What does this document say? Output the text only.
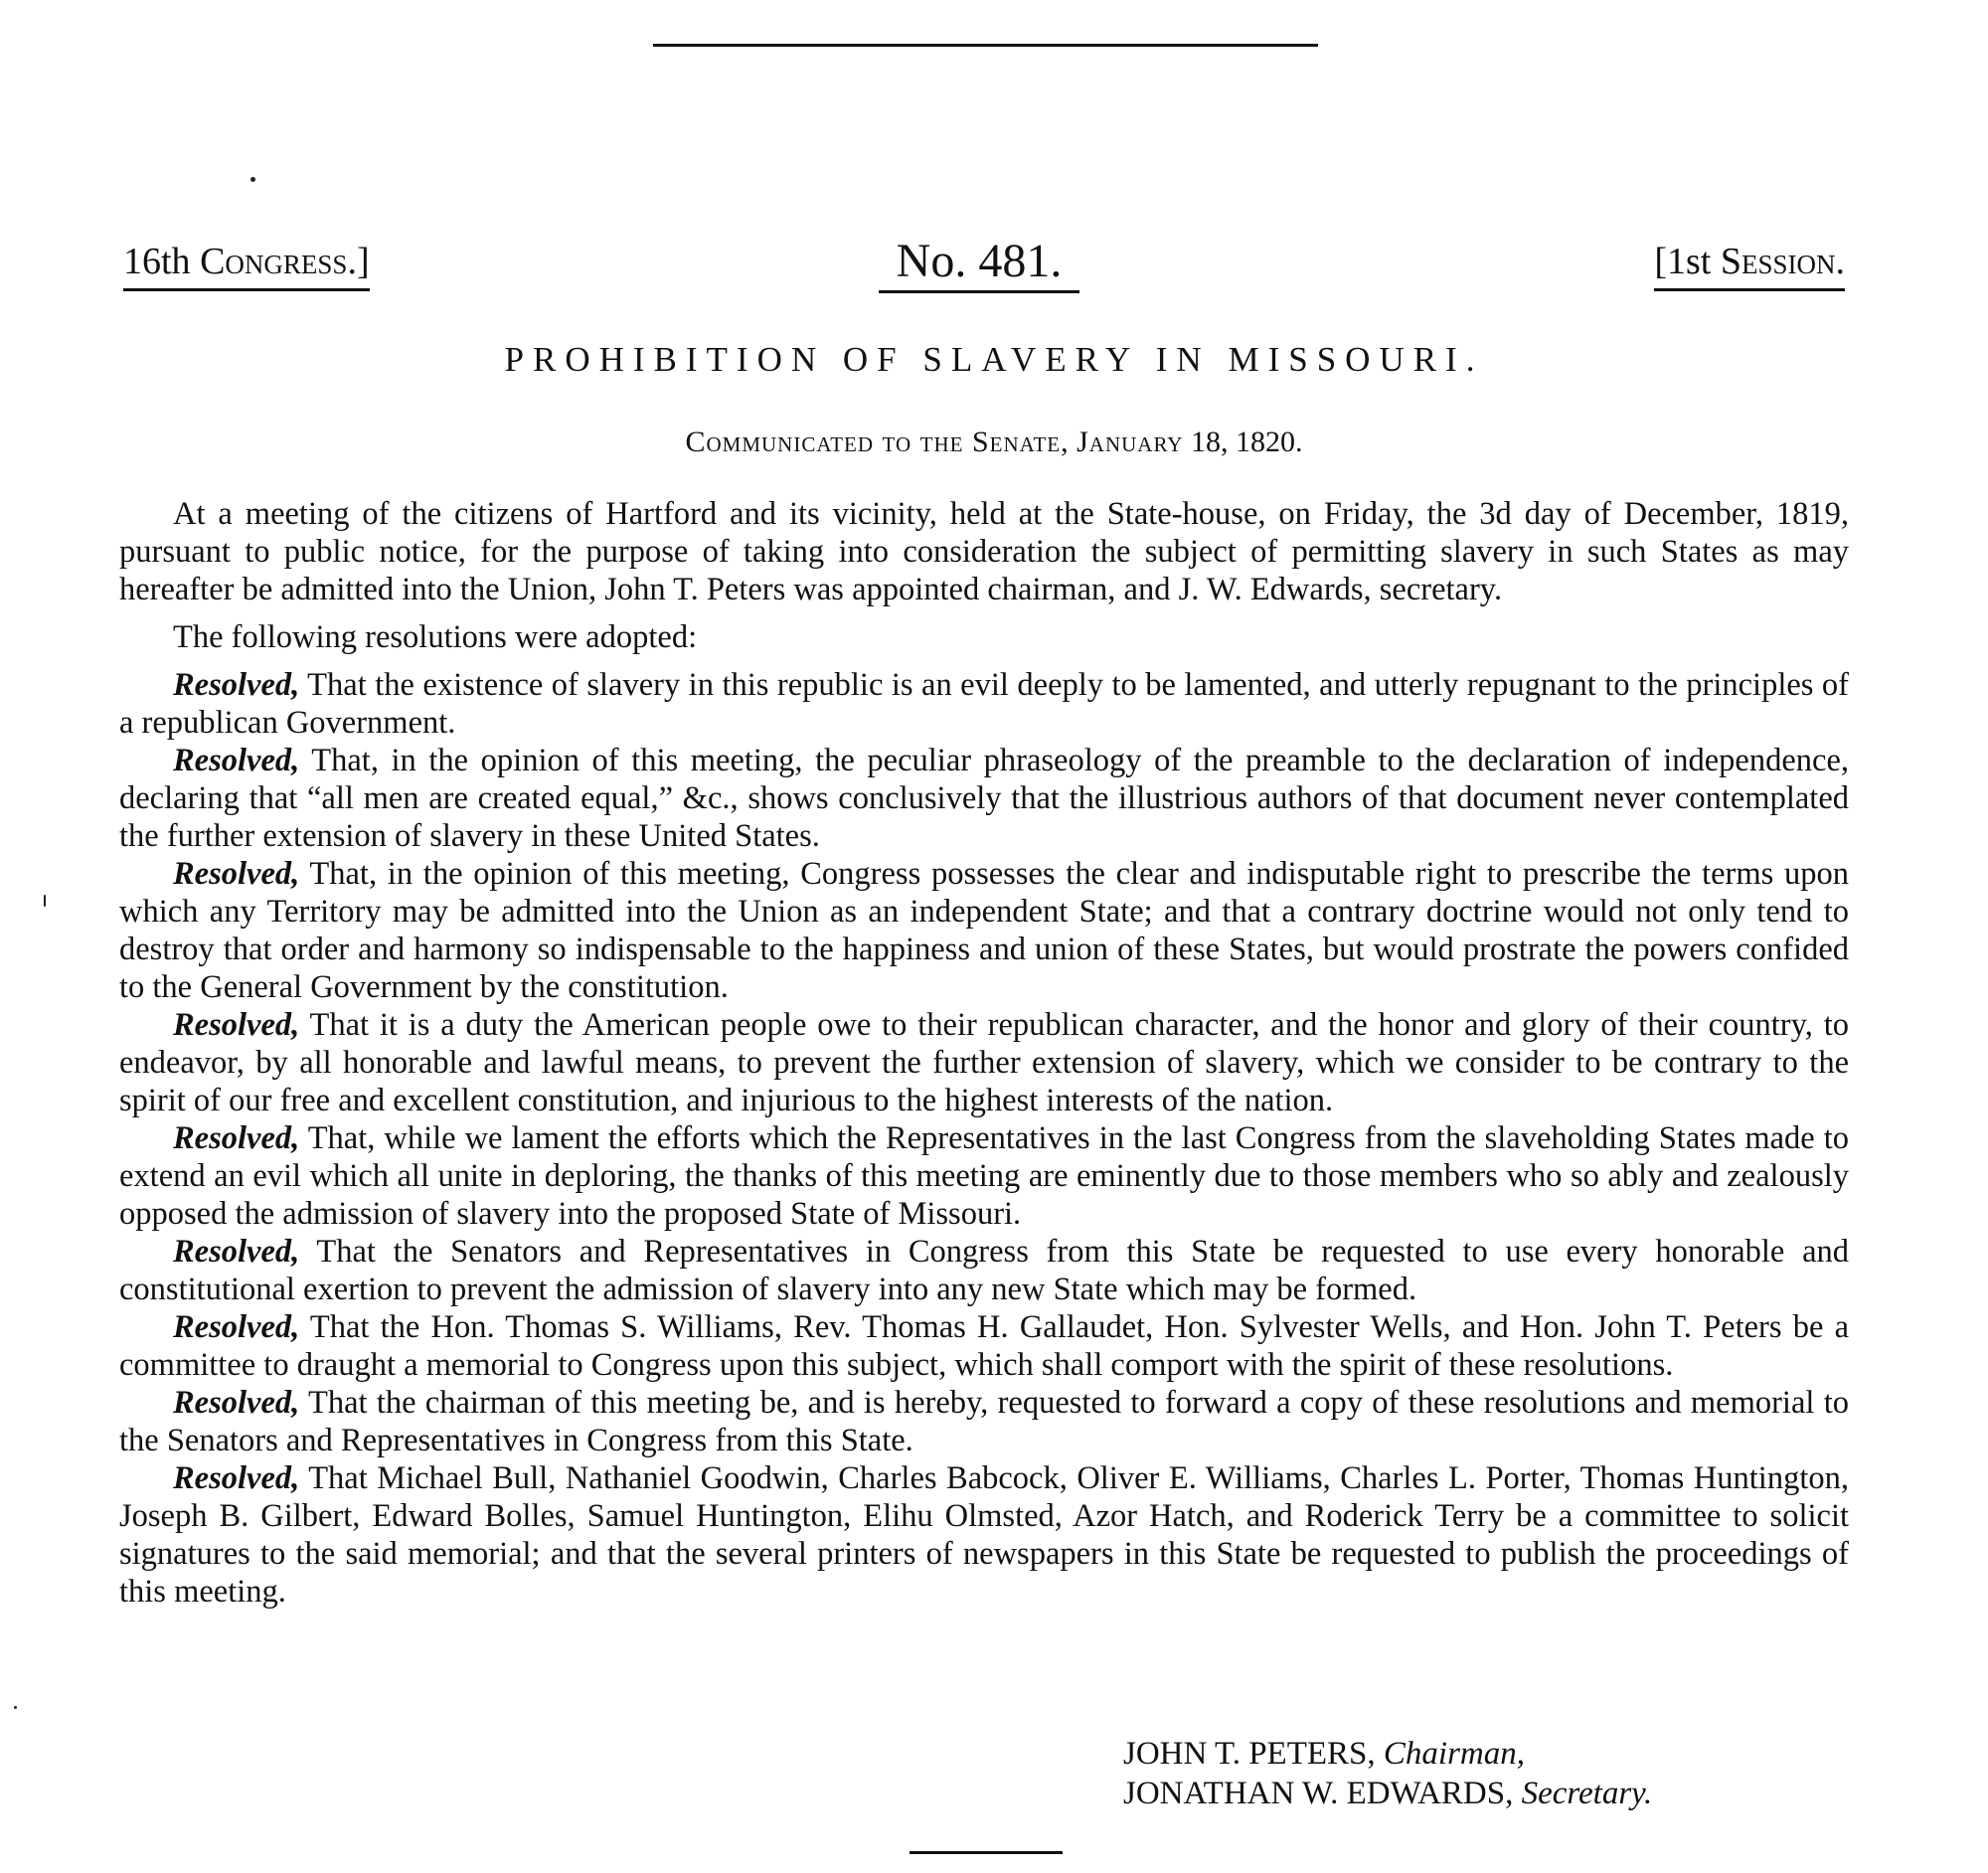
16th Congress.]	No. 481.	[1st Session.
PROHIBITION OF SLAVERY IN MISSOURI.
Communicated to the Senate, January 18, 1820.

At a meeting of the citizens of Hartford and its vicinity, held at the State-house, on Friday, the 3d day of December, 1819, pursuant to public notice, for the purpose of taking into consideration the subject of permitting slavery in such States as may hereafter be admitted into the Union, John T. Peters was appointed chairman, and J. W. Edwards, secretary.

The following resolutions were adopted:

Resolved, That the existence of slavery in this republic is an evil deeply to be lamented, and utterly repugnant to the principles of a republican Government.

Resolved, That, in the opinion of this meeting, the peculiar phraseology of the preamble to the declaration of independence, declaring that “all men are created equal,” &c., shows conclusively that the illustrious authors of that document never contemplated the further extension of slavery in these United States.

Resolved, That, in the opinion of this meeting, Congress possesses the clear and indisputable right to prescribe the terms upon which any Territory may be admitted into the Union as an independent State; and that a contrary doctrine would not only tend to destroy that order and harmony so indispensable to the happiness and union of these States, but would prostrate the powers confided to the General Government by the constitution.

Resolved, That it is a duty the American people owe to their republican character, and the honor and glory of their country, to endeavor, by all honorable and lawful means, to prevent the further extension of slavery, which we consider to be contrary to the spirit of our free and excellent constitution, and injurious to the highest interests of the nation.

Resolved, That, while we lament the efforts which the Representatives in the last Congress from the slaveholding States made to extend an evil which all unite in deploring, the thanks of this meeting are eminently due to those members who so ably and zealously opposed the admission of slavery into the proposed State of Missouri.

Resolved, That the Senators and Representatives in Congress from this State be requested to use every honorable and constitutional exertion to prevent the admission of slavery into any new State which may be formed.

Resolved, That the Hon. Thomas S. Williams, Rev. Thomas H. Gallaudet, Hon. Sylvester Wells, and Hon. John T. Peters be a committee to draught a memorial to Congress upon this subject, which shall comport with the spirit of these resolutions.

Resolved, That the chairman of this meeting be, and is hereby, requested to forward a copy of these resolutions and memorial to the Senators and Representatives in Congress from this State.

Resolved, That Michael Bull, Nathaniel Goodwin, Charles Babcock, Oliver E. Williams, Charles L. Porter, Thomas Huntington, Joseph B. Gilbert, Edward Bolles, Samuel Huntington, Elihu Olmsted, Azor Hatch, and Roderick Terry be a committee to solicit signatures to the said memorial; and that the several printers of newspapers in this State be requested to publish the proceedings of this meeting.

JOHN T. PETERS, Chairman,
JONATHAN W. EDWARDS, Secretary.
